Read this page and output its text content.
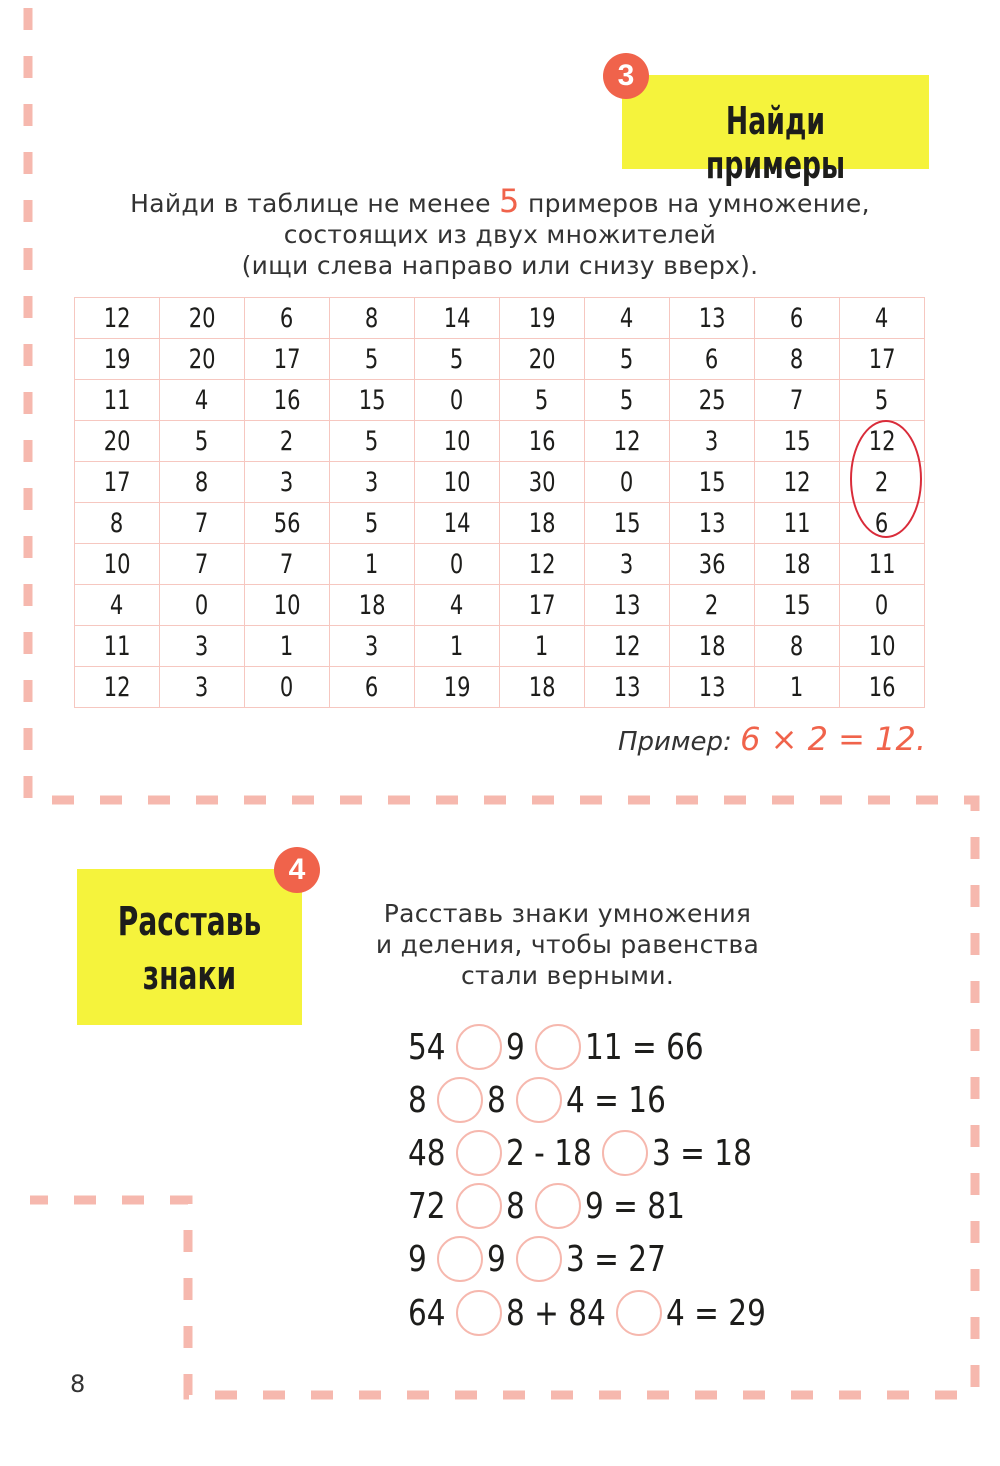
3
Найди примеры
Найди в таблице не менее 5 примеров на умножение,
состоящих из двух множителей
(ищи слева направо или снизу вверх).
12	20	6	8	14	19	4	13	6	4
19	20	17	5	5	20	5	6	8	17
11	4	16	15	0	5	5	25	7	5
20	5	2	5	10	16	12	3	15	12
17	8	3	3	10	30	0	15	12	2
8	7	56	5	14	18	15	13	11	6
10	7	7	1	0	12	3	36	18	11
4	0	10	18	4	17	13	2	15	0
11	3	1	3	1	1	12	18	8	10
12	3	0	6	19	18	13	13	1	16
Пример: 6 × 2 = 12.
Расставь
знаки
4
Расставь знаки умножения
и деления, чтобы равенства
стали верными.
54 9 11 = 66
8 8 4 = 16
48 2 - 18 3 = 18
72 8 9 = 81
9 9 3 = 27
64 8 + 84 4 = 29
8
